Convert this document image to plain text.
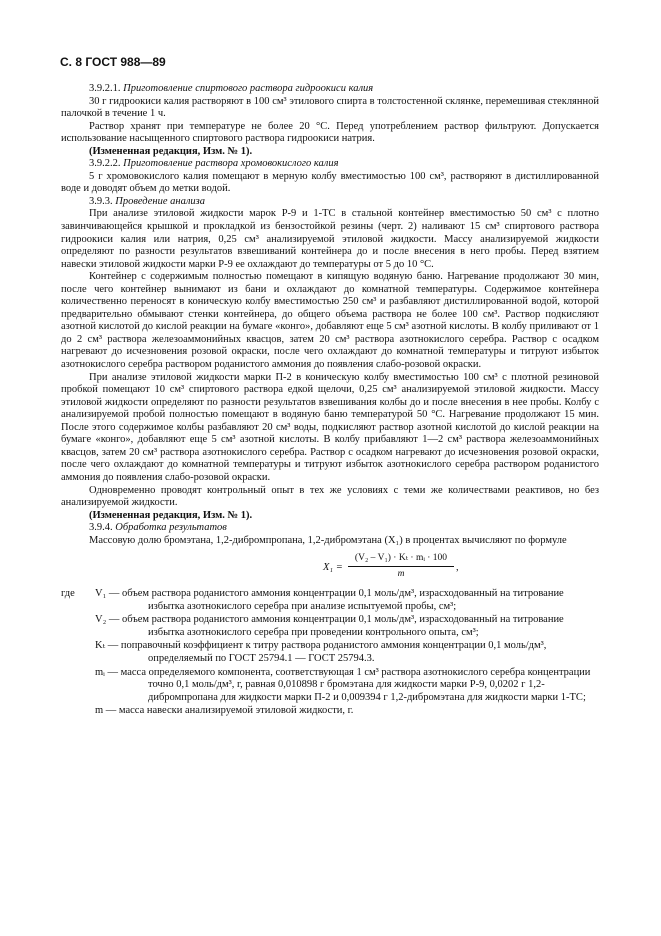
С. 8 ГОСТ 988—89

3.9.2.1. Приготовление спиртового раствора гидроокиси калия

30 г гидроокиси калия растворяют в 100 см³ этилового спирта в толстостенной склянке, перемешивая стеклянной палочкой в течение 1 ч.

Раствор хранят при температуре не более 20 °С. Перед употреблением раствор фильтруют. Допускается использование насыщенного спиртового раствора гидроокиси натрия.

(Измененная редакция, Изм. № 1).

3.9.2.2. Приготовление раствора хромовокислого калия

5 г хромовокислого калия помещают в мерную колбу вместимостью 100 см³, растворяют в дистиллированной воде и доводят объем до метки водой.

3.9.3. Проведение анализа

При анализе этиловой жидкости марок Р-9 и 1-ТС в стальной контейнер вместимостью 50 см³ с плотно завинчивающейся крышкой и прокладкой из бензостойкой резины (черт. 2) наливают 15 см³ спиртового раствора гидроокиси калия или натрия, 0,25 см³ анализируемой этиловой жидкости. Массу анализируемой жидкости определяют по разности результатов взвешиваний контейнера до и после внесения в него пробы. Перед взятием навески этиловой жидкости марки Р-9 ее охлаждают до температуры от 5 до 10 °С.

Контейнер с содержимым полностью помещают в кипящую водяную баню. Нагревание продолжают 30 мин, после чего контейнер вынимают из бани и охлаждают до комнатной температуры. Содержимое контейнера количественно переносят в коническую колбу вместимостью 250 см³ и разбавляют дистиллированной водой, которой предварительно обмывают стенки контейнера, до общего объема раствора не более 100 см³. Раствор подкисляют азотной кислотой до кислой реакции на бумаге «конго», добавляют еще 5 см³ азотной кислоты. В колбу приливают от 1 до 2 см³ раствора железоаммонийных квасцов, затем 20 см³ раствора азотнокислого серебра. Раствор с осадком нагревают до исчезновения розовой окраски, после чего охлаждают до комнатной температуры и титруют избыток азотнокислого серебра раствором роданистого аммония до появления слабо-розовой окраски.

При анализе этиловой жидкости марки П-2 в коническую колбу вместимостью 100 см³ с плотной резиновой пробкой помещают 10 см³ спиртового раствора едкой щелочи, 0,25 см³ анализируемой этиловой жидкости. Массу этиловой жидкости определяют по разности результатов взвешивания колбы до и после внесения в нее пробы. Колбу с анализируемой пробой полностью помещают в водяную баню температурой 50 °С. Нагревание продолжают 15 мин. После этого содержимое колбы разбавляют 20 см³ воды, подкисляют раствор азотной кислотой до кислой реакции на бумаге «конго», добавляют еще 5 см³ азотной кислоты. В колбу прибавляют 1—2 см³ раствора железоаммонийных квасцов, затем 20 см³ раствора азотнокислого серебра. Раствор с осадком нагревают до исчезновения розовой окраски, после чего охлаждают до комнатной температуры и титруют избыток азотнокислого серебра раствором роданистого аммония до появления слабо-розовой окраски.

Одновременно проводят контрольный опыт в тех же условиях с теми же количествами реактивов, но без анализируемой жидкости.

(Измененная редакция, Изм. № 1).

3.9.4. Обработка результатов

Массовую долю бромэтана, 1,2-дибромпропана, 1,2-дибромэтана (X₁) в процентах вычисляют по формуле

$X_1 = \frac{\text{(V₂ – V₁) · Kₜ · mᵢ · 100}}{m}$ ,
где V₁ — объем раствора роданистого аммония концентрации 0,1 моль/дм³, израсходованный на титрование избытка азотнокислого серебра при анализе испытуемой пробы, см³;
V₂ — объем раствора роданистого аммония концентрации 0,1 моль/дм³, израсходованный на титрование избытка азотнокислого серебра при проведении контрольного опыта, см³;
Kₜ — поправочный коэффициент к титру раствора роданистого аммония концентрации 0,1 моль/дм³, определяемый по ГОСТ 25794.1 — ГОСТ 25794.3.
mᵢ — масса определяемого компонента, соответствующая 1 см³ раствора азотнокислого серебра концентрации точно 0,1 моль/дм³, г, равная 0,010898 г бромэтана для жидкости марки Р-9, 0,0202 г 1,2-дибромпропана для жидкости марки П-2 и 0,009394 г 1,2-дибромэтана для жидкости марки 1-ТС;
m — масса навески анализируемой этиловой жидкости, г.
